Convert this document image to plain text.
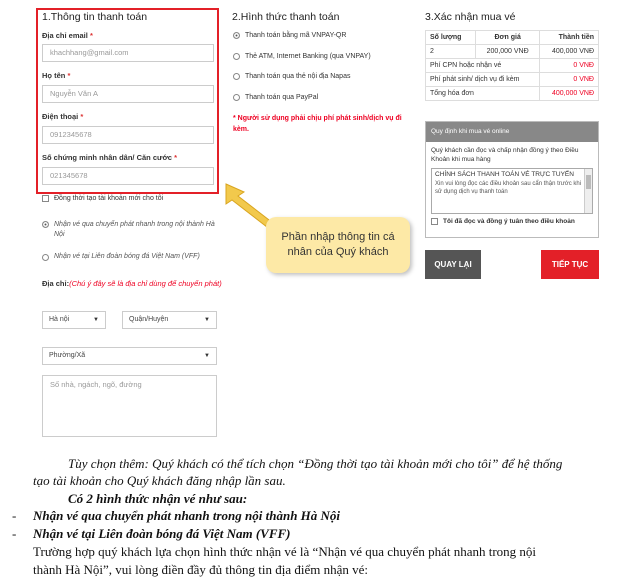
1.Thông tin thanh toán
Địa chỉ email *
khachhang@gmail.com
Họ tên *
Nguyễn Văn A
Điện thoại *
0912345678
Số chứng minh nhân dân/ Căn cước *
021345678
Đồng thời tạo tài khoản mới cho tôi
Nhận vé qua chuyển phát nhanh trong nội thành Hà Nội
Nhận vé tại Liên đoàn bóng đá Việt Nam (VFF)
Địa chỉ:(Chú ý đây sẽ là địa chỉ dùng để chuyển phát)
Hà nội	▼	Quận/Huyện	▼
Phường/Xã	▼
Số nhà, ngách, ngõ, đường
2.Hình thức thanh toán
Thanh toán bằng mã VNPAY-QR
Thẻ ATM, Internet Banking (qua VNPAY)
Thanh toán qua thẻ nội địa Napas
Thanh toán qua PayPal
* Người sử dụng phải chịu phí phát sinh/dịch vụ đi kèm.
3.Xác nhận mua vé
Số lượng	Đơn giá	Thành tiền
2	200,000 VNĐ	400,000 VNĐ
Phí CPN hoặc nhận vé		0 VNĐ
Phí phát sinh/ dịch vụ đi kèm		0 VNĐ
Tổng hóa đơn		400,000 VNĐ
Quy định khi mua vé online
Quý khách cần đọc và chấp nhận đồng ý theo Điều Khoản khi mua hàng
CHÍNH SÁCH THANH TOÁN VÉ TRỰC TUYẾN
Xin vui lòng đọc các điều khoản sau cẩn thận trước khi sử dụng dịch vụ thanh toán
Tôi đã đọc và đồng ý tuân theo điều khoản
QUAY LẠI	TIẾP TỤC
Phần nhập thông tin cá nhân của Quý khách
Tùy chọn thêm: Quý khách có thể tích chọn “Đồng thời tạo tài khoản mới cho tôi” để hệ thống
tạo tài khoản cho Quý khách đăng nhập lần sau.
Có 2 hình thức nhận vé như sau:
- Nhận vé qua chuyển phát nhanh trong nội thành Hà Nội
- Nhận vé tại Liên đoàn bóng đá Việt Nam (VFF)
Trường hợp quý khách lựa chọn hình thức nhận vé là “Nhận vé qua chuyển phát nhanh trong nội
thành Hà Nội”, vui lòng điền đầy đủ thông tin địa điểm nhận vé:
